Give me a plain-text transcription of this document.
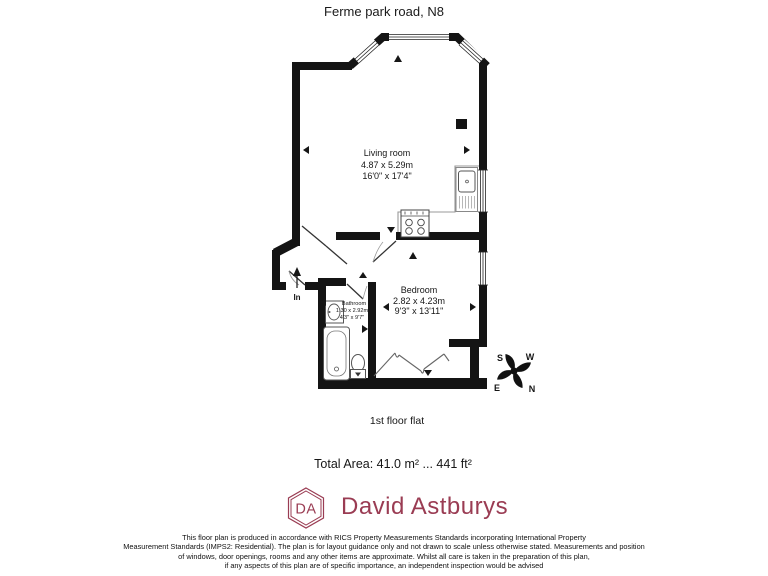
Ferme park road, N8
In
Living room
4.87 x 5.29m
16'0" x 17'4"
Bedroom
2.82 x 4.23m
9'3" x 13'11"
Bathroom
1.30 x 2.92m
4'3" x 9'7"
S	W
E	N
1st floor flat
Total Area: 41.0 m² ... 441 ft²
DA David Astburys
This floor plan is produced in accordance with RICS Property Measurements Standards incorporating International Property
Measurement Standards (IMPS2: Residential). The plan is for layout guidance only and not drawn to scale unless otherwise stated. Measurements and position
of windows, door openings, rooms and any other items are approximate. Whilst all care is taken in the preparation of this plan,
if any aspects of this plan are of specific importance, an independent inspection would be advised
